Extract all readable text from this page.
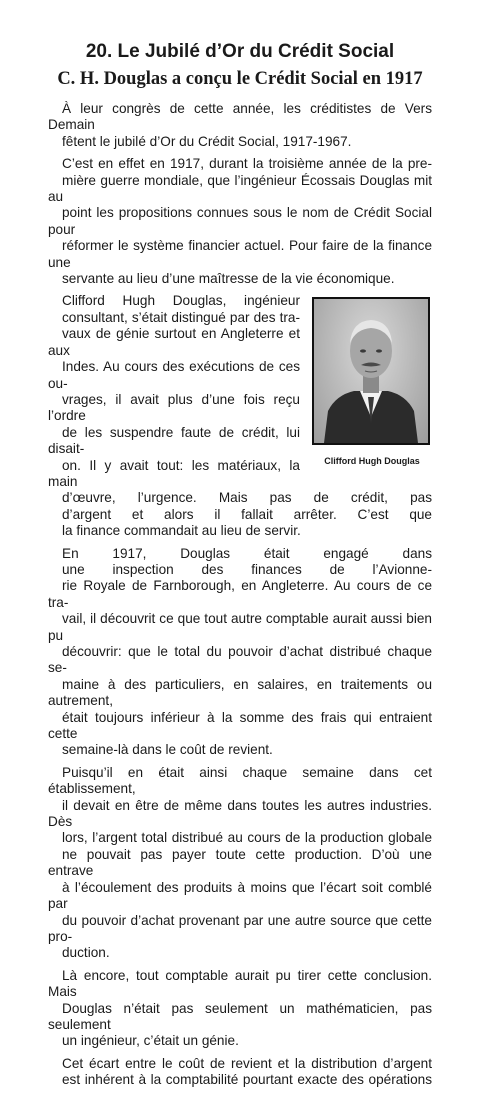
20. Le Jubilé d’Or du Crédit Social
C. H. Douglas a conçu le Crédit Social en 1917

À leur congrès de cette année, les créditistes de Vers Demain
fêtent le jubilé d’Or du Crédit Social, 1917-1967.

C’est en effet en 1917, durant la troisième année de la pre-
mière guerre mondiale, que l’ingénieur Écossais Douglas mit au
point les propositions connues sous le nom de Crédit Social pour
réformer le système financier actuel. Pour faire de la finance une
servante au lieu d’une maîtresse de la vie économique.

Clifford Hugh Douglas

Clifford Hugh Douglas, ingénieur
consultant, s’était distingué par des tra-
vaux de génie surtout en Angleterre et aux
Indes. Au cours des exécutions de ces ou-
vrages, il avait plus d’une fois reçu l’ordre
de les suspendre faute de crédit, lui disait-
on. Il y avait tout: les matériaux, la main
d’œuvre, l’urgence. Mais pas de crédit, pas
d’argent et alors il fallait arrêter. C’est que
la finance commandait au lieu de servir.

En 1917, Douglas était engagé dans
une inspection des finances de l’Avionne-
rie Royale de Farnborough, en Angleterre. Au cours de ce tra-
vail, il découvrit ce que tout autre comptable aurait aussi bien pu
découvrir: que le total du pouvoir d’achat distribué chaque se-
maine à des particuliers, en salaires, en traitements ou autrement,
était toujours inférieur à la somme des frais qui entraient cette
semaine-là dans le coût de revient.

Puisqu’il en était ainsi chaque semaine dans cet établissement,
il devait en être de même dans toutes les autres industries. Dès
lors, l’argent total distribué au cours de la production globale
ne pouvait pas payer toute cette production. D’où une entrave
à l’écoulement des produits à moins que l’écart soit comblé par
du pouvoir d’achat provenant par une autre source que cette pro-
duction.

Là encore, tout comptable aurait pu tirer cette conclusion. Mais
Douglas n’était pas seulement un mathématicien, pas seulement
un ingénieur, c’était un génie.

Cet écart entre le coût de revient et la distribution d’argent
est inhérent à la comptabilité pourtant exacte des opérations
